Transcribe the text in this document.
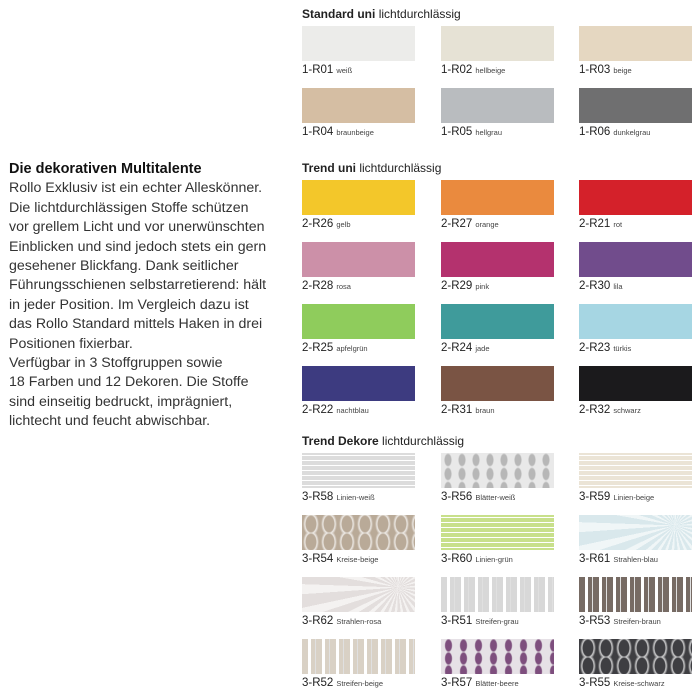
Die dekorativen Multitalente

Rollo Exklusiv ist ein echter Alleskönner.
Die lichtdurchlässigen Stoffe schützen
vor grellem Licht und vor unerwünschten
Einblicken und sind jedoch stets ein gern
gesehener Blickfang. Dank seitlicher
Führungsschienen selbstarretierend: hält
in jeder Position. Im Vergleich dazu ist
das Rollo Standard mittels Haken in drei
Positionen fixierbar.

Verfügbar in 3 Stoffgruppen sowie
18 Farben und 12 Dekoren. Die Stoffe
sind einseitig bedruckt, imprägniert,
lichtecht und feucht abwischbar.

Standard uni lichtdurchlässig
1-R01 weiß	1-R02 hellbeige	1-R03 beige
1-R04 braunbeige	1-R05 hellgrau	1-R06 dunkelgrau
Trend uni lichtdurchlässig
2-R26 gelb	2-R27 orange	2-R21 rot
2-R28 rosa	2-R29 pink	2-R30 lila
2-R25 apfelgrün	2-R24 jade	2-R23 türkis
2-R22 nachtblau	2-R31 braun	2-R32 schwarz
Trend Dekore lichtdurchlässig
3-R58 Linien-weiß	3-R56 Blätter-weiß	3-R59 Linien-beige
3-R54 Kreise-beige	3-R60 Linien-grün	3-R61 Strahlen-blau
3-R62 Strahlen-rosa	3-R51 Streifen-grau	3-R53 Streifen-braun
3-R52 Streifen-beige	3-R57 Blätter-beere	3-R55 Kreise-schwarz
